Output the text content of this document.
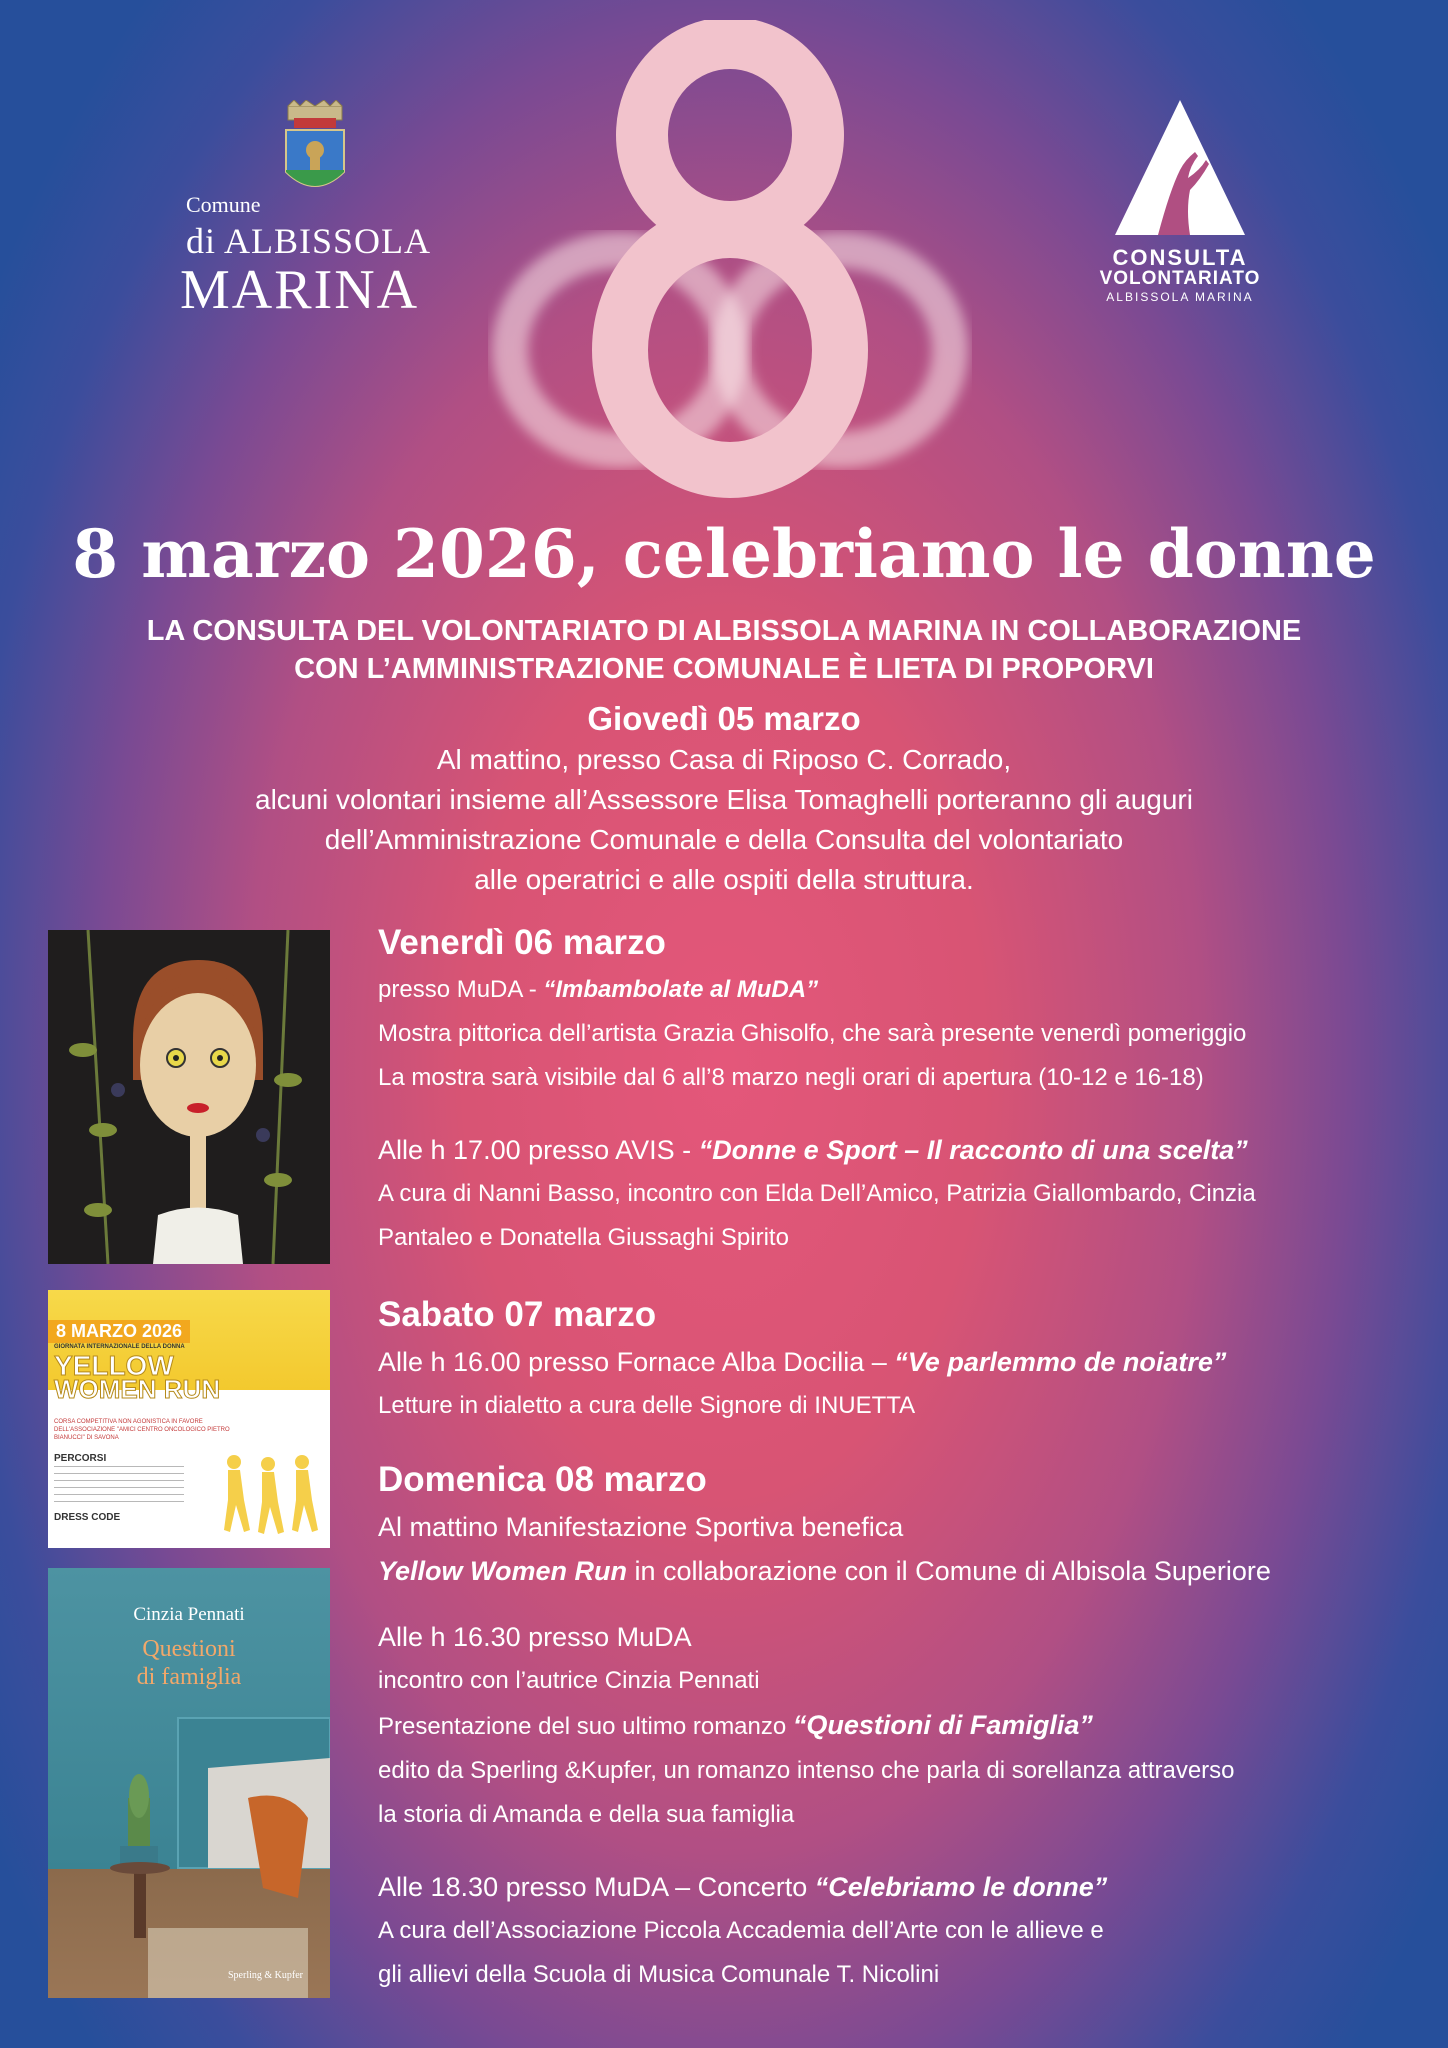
Comune
di ALBISSOLA
MARINA
CONSULTA
VOLONTARIATO
ALBISSOLA MARINA
8 marzo 2026, celebriamo le donne
LA CONSULTA DEL VOLONTARIATO DI ALBISSOLA MARINA IN COLLABORAZIONE
CON L’AMMINISTRAZIONE COMUNALE È LIETA DI PROPORVI
Giovedì 05 marzo
Al mattino, presso Casa di Riposo C. Corrado,
alcuni volontari insieme all’Assessore Elisa Tomaghelli porteranno gli auguri
dell’Amministrazione Comunale e della Consulta del volontariato
alle operatrici e alle ospiti della struttura.
Venerdì 06 marzo
presso MuDA - “Imbambolate al MuDA”
Mostra pittorica dell’artista Grazia Ghisolfo, che sarà presente venerdì pomeriggio
La mostra sarà visibile dal 6 all’8 marzo negli orari di apertura (10-12 e 16-18)
Alle h 17.00 presso AVIS - “Donne e Sport – Il racconto di una scelta”
A cura di Nanni Basso, incontro con Elda Dell’Amico, Patrizia Giallombardo, Cinzia
Pantaleo e Donatella Giussaghi Spirito
8 MARZO 2026
GIORNATA INTERNAZIONALE DELLA DONNA
YELLOW
WOMEN RUN
CORSA COMPETITIVA NON AGONISTICA IN FAVORE DELL'ASSOCIAZIONE "AMICI CENTRO ONCOLOGICO PIETRO BIANUCCI" DI SAVONA
PERCORSI
DRESS CODE
Sabato 07 marzo
Alle h 16.00 presso Fornace Alba Docilia – “Ve parlemmo de noiatre”
Letture in dialetto a cura delle Signore di INUETTA
Cinzia Pennati
Questioni
di famiglia
Sperling & Kupfer
Domenica 08 marzo
Al mattino Manifestazione Sportiva benefica
Yellow Women Run in collaborazione con il Comune di Albisola Superiore
Alle h 16.30 presso MuDA
incontro con l’autrice Cinzia Pennati
Presentazione del suo ultimo romanzo “Questioni di Famiglia”
edito da Sperling &Kupfer, un romanzo intenso che parla di sorellanza attraverso
la storia di Amanda e della sua famiglia
Alle 18.30 presso MuDA – Concerto “Celebriamo le donne”
A cura dell’Associazione Piccola Accademia dell’Arte con le allieve e
gli allievi della Scuola di Musica Comunale T. Nicolini
